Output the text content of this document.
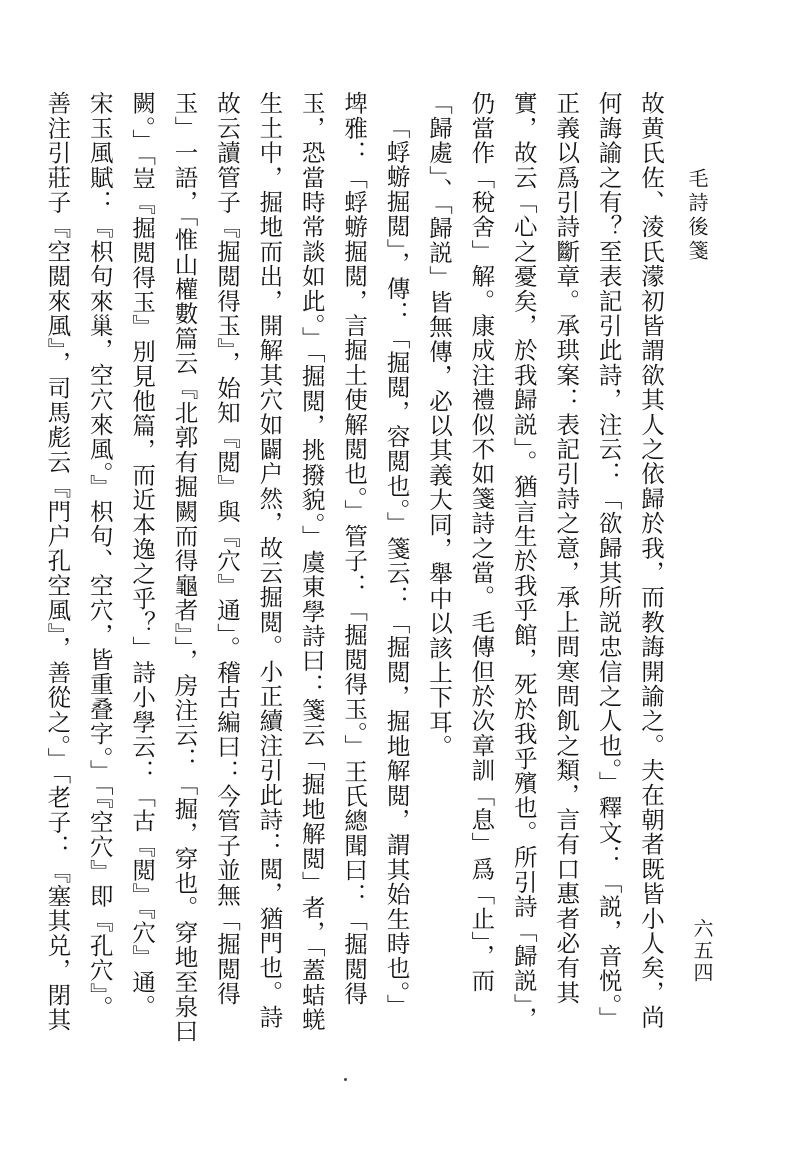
毛詩後箋
六五四
故黄氏佐、淩氏濛初皆謂欲其人之依歸於我，而教誨開諭之。夫在朝者既皆小人矣，尚
何誨諭之有？至表記引此詩，注云：「欲歸其所説忠信之人也。」釋文：「説，音悦。」
正義以爲引詩斷章。承珙案：表記引詩之意，承上問寒問飢之類，言有口惠者必有其
實，故云「心之憂矣，於我歸説」。猶言生於我乎館，死於我乎殯也。所引詩「歸説」，
仍當作「稅舍」解。康成注禮似不如箋詩之當。毛傳但於次章訓「息」爲「止」，而
「歸處」、「歸説」皆無傳，必以其義大同，舉中以該上下耳。
「蜉蝣掘閲」，傳：「掘閲，容閲也。」箋云：「掘閲，掘地解閲，謂其始生時也。」
埤雅：「蜉蝣掘閲，言掘土使解閲也。」管子：「掘閲得玉。」王氏總聞曰：「掘閲得
玉，恐當時常談如此。」「掘閲，挑撥貌。」虞東學詩曰：箋云「掘地解閲」者，「蓋蛣蜣
生土中，掘地而出，開解其穴如闢户然，故云掘閲。小正續注引此詩：閲，猶門也。詩
故云讀管子『掘閲得玉』，始知『閲』與『穴』通」。稽古編曰：今管子並無「掘閲得
玉」一語，「惟山權數篇云『北郭有掘闕而得龜者』」，房注云：「掘，穿也。穿地至泉曰
闕。」「豈『掘閲得玉』別見他篇，而近本逸之乎？」詩小學云：「古『閲』『穴』通。
宋玉風賦：『枳句來巢，空穴來風。』枳句、空穴，皆重叠字。」「『空穴』即『孔穴』。
善注引莊子『空閲來風』，司馬彪云『門户孔空風』，善從之。」「老子：『塞其兑，閉其
